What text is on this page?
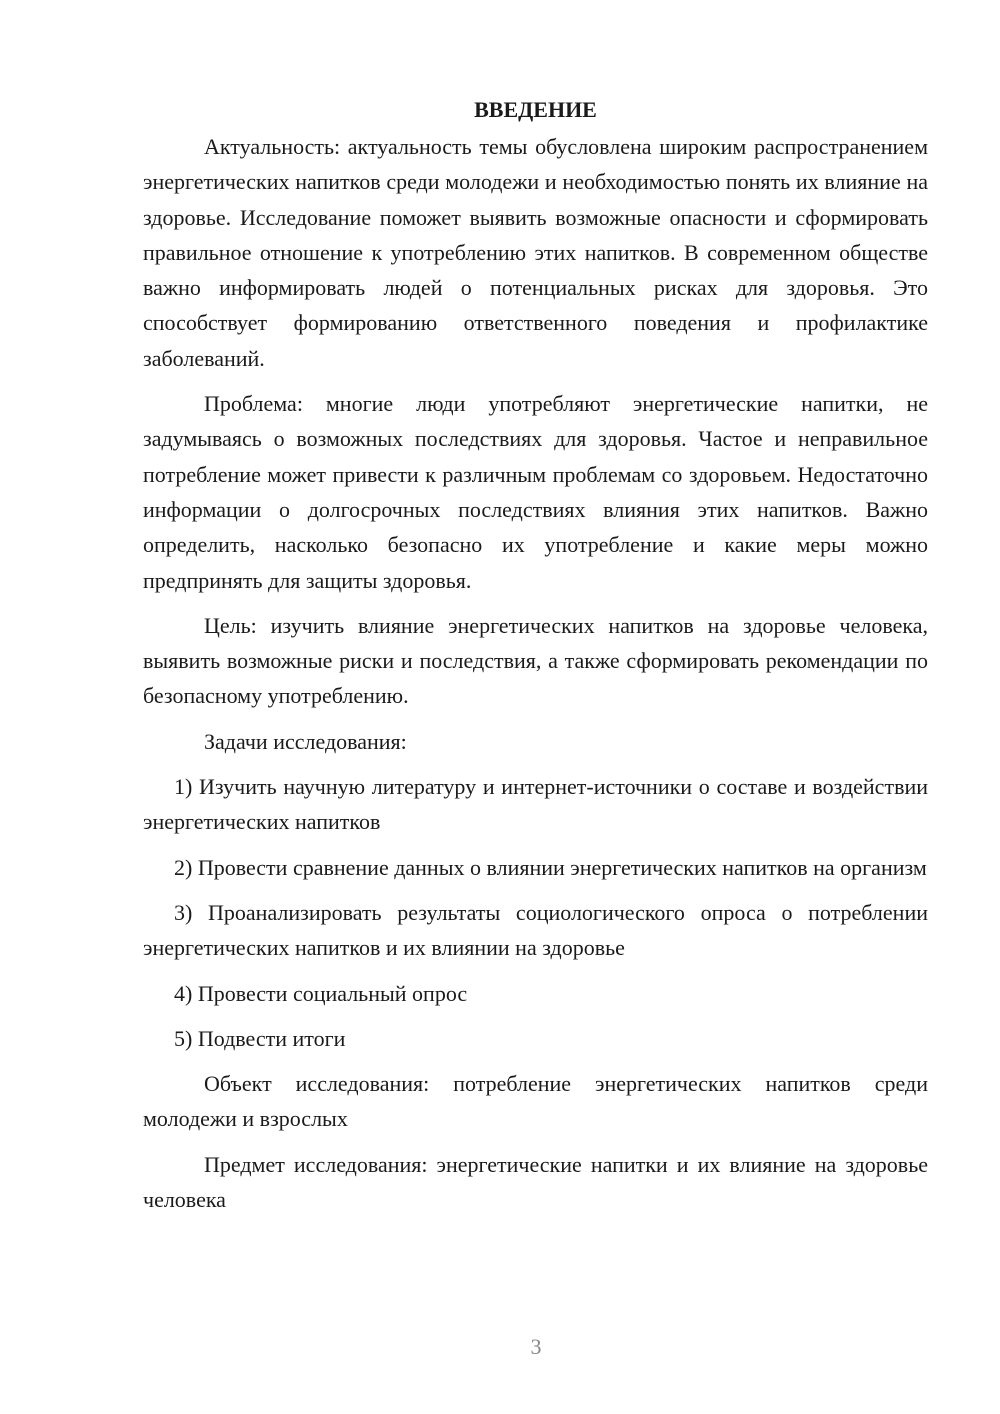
ВВЕДЕНИЕ

Актуальность: актуальность темы обусловлена широким распространением энергетических напитков среди молодежи и необходимостью понять их влияние на здоровье. Исследование поможет выявить возможные опасности и сформировать правильное отношение к употреблению этих напитков. В современном обществе важно информировать людей о потенциальных рисках для здоровья. Это способствует формированию ответственного поведения и профилактике заболеваний.

Проблема: многие люди употребляют энергетические напитки, не задумываясь о возможных последствиях для здоровья. Частое и неправильное потребление может привести к различным проблемам со здоровьем. Недостаточно информации о долгосрочных последствиях влияния этих напитков. Важно определить, насколько безопасно их употребление и какие меры можно предпринять для защиты здоровья.

Цель: изучить влияние энергетических напитков на здоровье человека, выявить возможные риски и последствия, а также сформировать рекомендации по безопасному употреблению.

Задачи исследования:

1) Изучить научную литературу и интернет-источники о составе и воздействии энергетических напитков

2) Провести сравнение данных о влиянии энергетических напитков на организм

3) Проанализировать результаты социологического опроса о потреблении энергетических напитков и их влиянии на здоровье

4) Провести социальный опрос

5) Подвести итоги

Объект исследования: потребление энергетических напитков среди молодежи и взрослых

Предмет исследования: энергетические напитки и их влияние на здоровье человека

3
